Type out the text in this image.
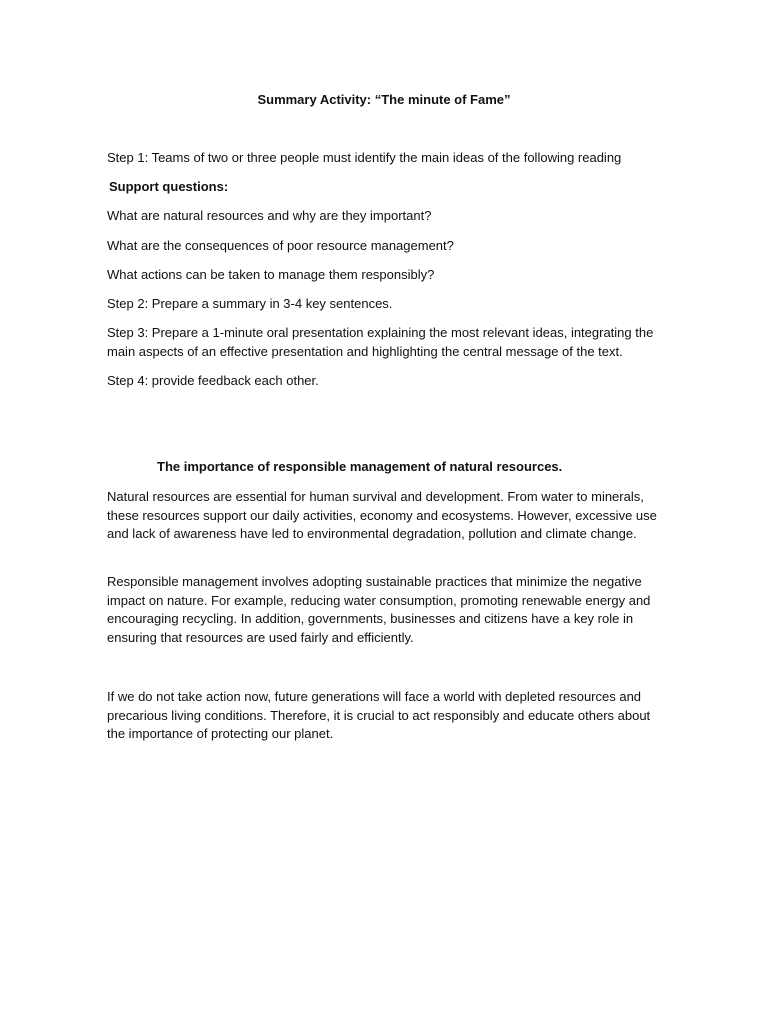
Summary Activity: “The minute of Fame”

Step 1: Teams of two or three people must identify the main ideas of the following reading

Support questions:

What are natural resources and why are they important?

What are the consequences of poor resource management?

What actions can be taken to manage them responsibly?

Step 2: Prepare a summary in 3-4 key sentences.

Step 3: Prepare a 1-minute oral presentation explaining the most relevant ideas, integrating the main aspects of an effective presentation and highlighting the central message of the text.

Step 4: provide feedback each other.

The importance of responsible management of natural resources.

Natural resources are essential for human survival and development. From water to minerals, these resources support our daily activities, economy and ecosystems. However, excessive use and lack of awareness have led to environmental degradation, pollution and climate change.

Responsible management involves adopting sustainable practices that minimize the negative impact on nature. For example, reducing water consumption, promoting renewable energy and encouraging recycling. In addition, governments, businesses and citizens have a key role in ensuring that resources are used fairly and efficiently.

If we do not take action now, future generations will face a world with depleted resources and precarious living conditions. Therefore, it is crucial to act responsibly and educate others about the importance of protecting our planet.
